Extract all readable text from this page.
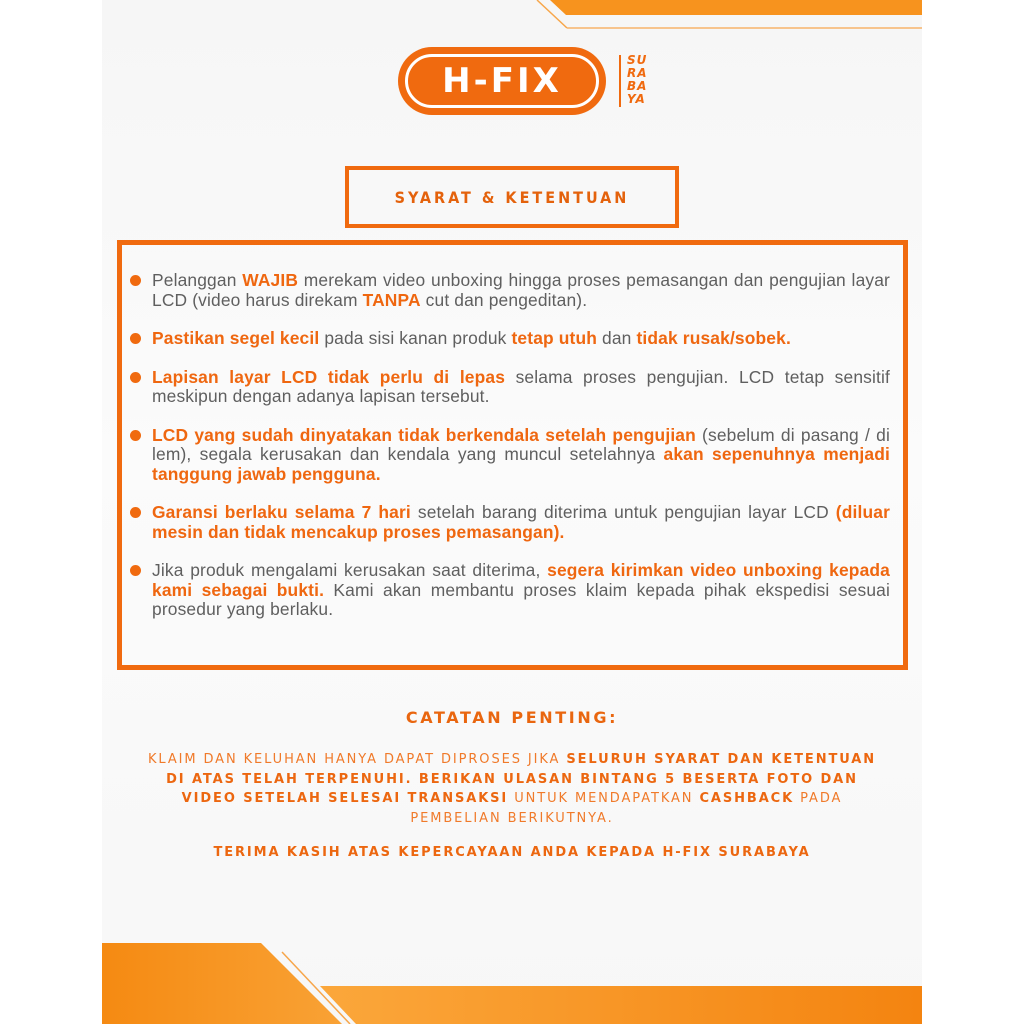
H-FIX
SU
RA
BA
YA
SYARAT & KETENTUAN
Pelanggan WAJIB merekam video unboxing hingga proses pemasangan dan pengujian layar LCD (video harus direkam TANPA cut dan pengeditan).
Pastikan segel kecil pada sisi kanan produk tetap utuh dan tidak rusak/sobek.
Lapisan layar LCD tidak perlu di lepas selama proses pengujian. LCD tetap sensitif meskipun dengan adanya lapisan tersebut.
LCD yang sudah dinyatakan tidak berkendala setelah pengujian (sebelum di pasang / di lem), segala kerusakan dan kendala yang muncul setelahnya akan sepenuhnya menjadi tanggung jawab pengguna.
Garansi berlaku selama 7 hari setelah barang diterima untuk pengujian layar LCD (diluar mesin dan tidak mencakup proses pemasangan).
Jika produk mengalami kerusakan saat diterima, segera kirimkan video unboxing kepada kami sebagai bukti. Kami akan membantu proses klaim kepada pihak ekspedisi sesuai prosedur yang berlaku.
CATATAN PENTING:
KLAIM DAN KELUHAN HANYA DAPAT DIPROSES JIKA SELURUH SYARAT DAN KETENTUAN DI ATAS TELAH TERPENUHI. BERIKAN ULASAN BINTANG 5 BESERTA FOTO DAN VIDEO SETELAH SELESAI TRANSAKSI UNTUK MENDAPATKAN CASHBACK PADA PEMBELIAN BERIKUTNYA.
TERIMA KASIH ATAS KEPERCAYAAN ANDA KEPADA H-FIX SURABAYA
